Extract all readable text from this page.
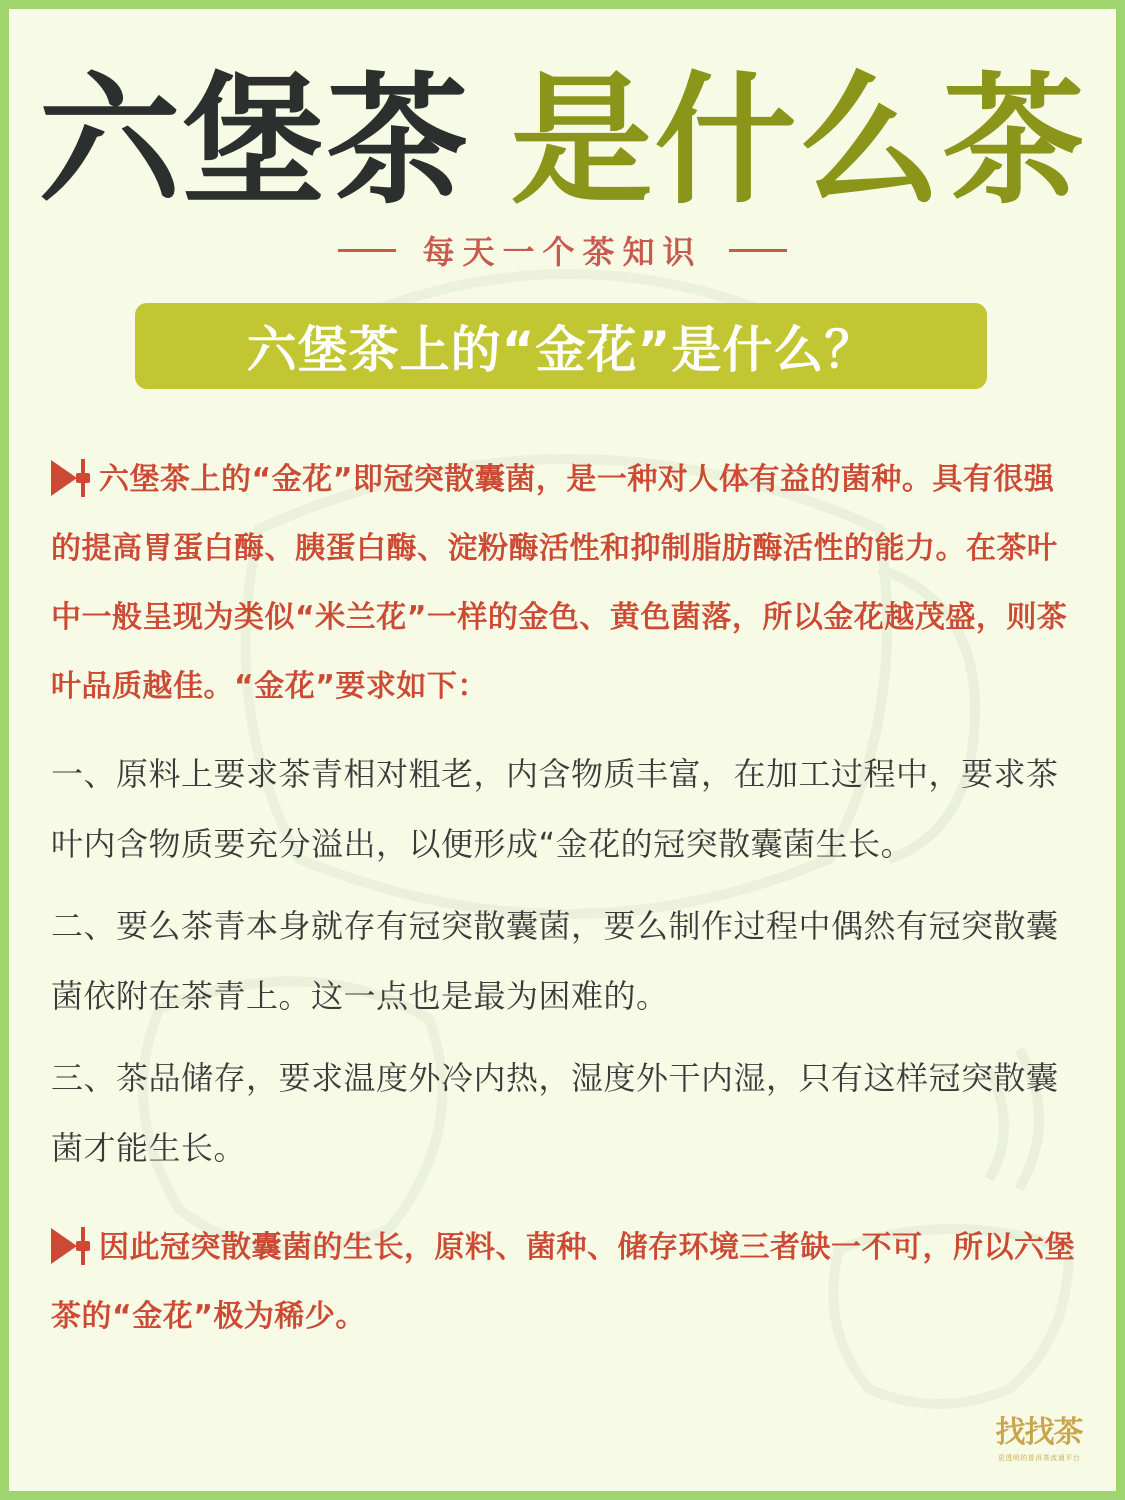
六堡茶 是什么茶
每天一个茶知识
六堡茶上的“金花”是什么？

六堡茶上的“金花”即冠突散囊菌，是一种对人体有益的菌种。具有很强的提高胃蛋白酶、胰蛋白酶、淀粉酶活性和抑制脂肪酶活性的能力。在茶叶中一般呈现为类似“米兰花”一样的金色、黄色菌落，所以金花越茂盛，则茶叶品质越佳。“金花”要求如下：

一、原料上要求茶青相对粗老，内含物质丰富，在加工过程中，要求茶叶内含物质要充分溢出，以便形成“金花的冠突散囊菌生长。

二、要么茶青本身就存有冠突散囊菌，要么制作过程中偶然有冠突散囊菌依附在茶青上。这一点也是最为困难的。

三、茶品储存，要求温度外冷内热，湿度外干内湿，只有这样冠突散囊菌才能生长。

因此冠突散囊菌的生长，原料、菌种、储存环境三者缺一不可，所以六堡茶的“金花”极为稀少。

找找茶
更透明的普洱茶流通平台
